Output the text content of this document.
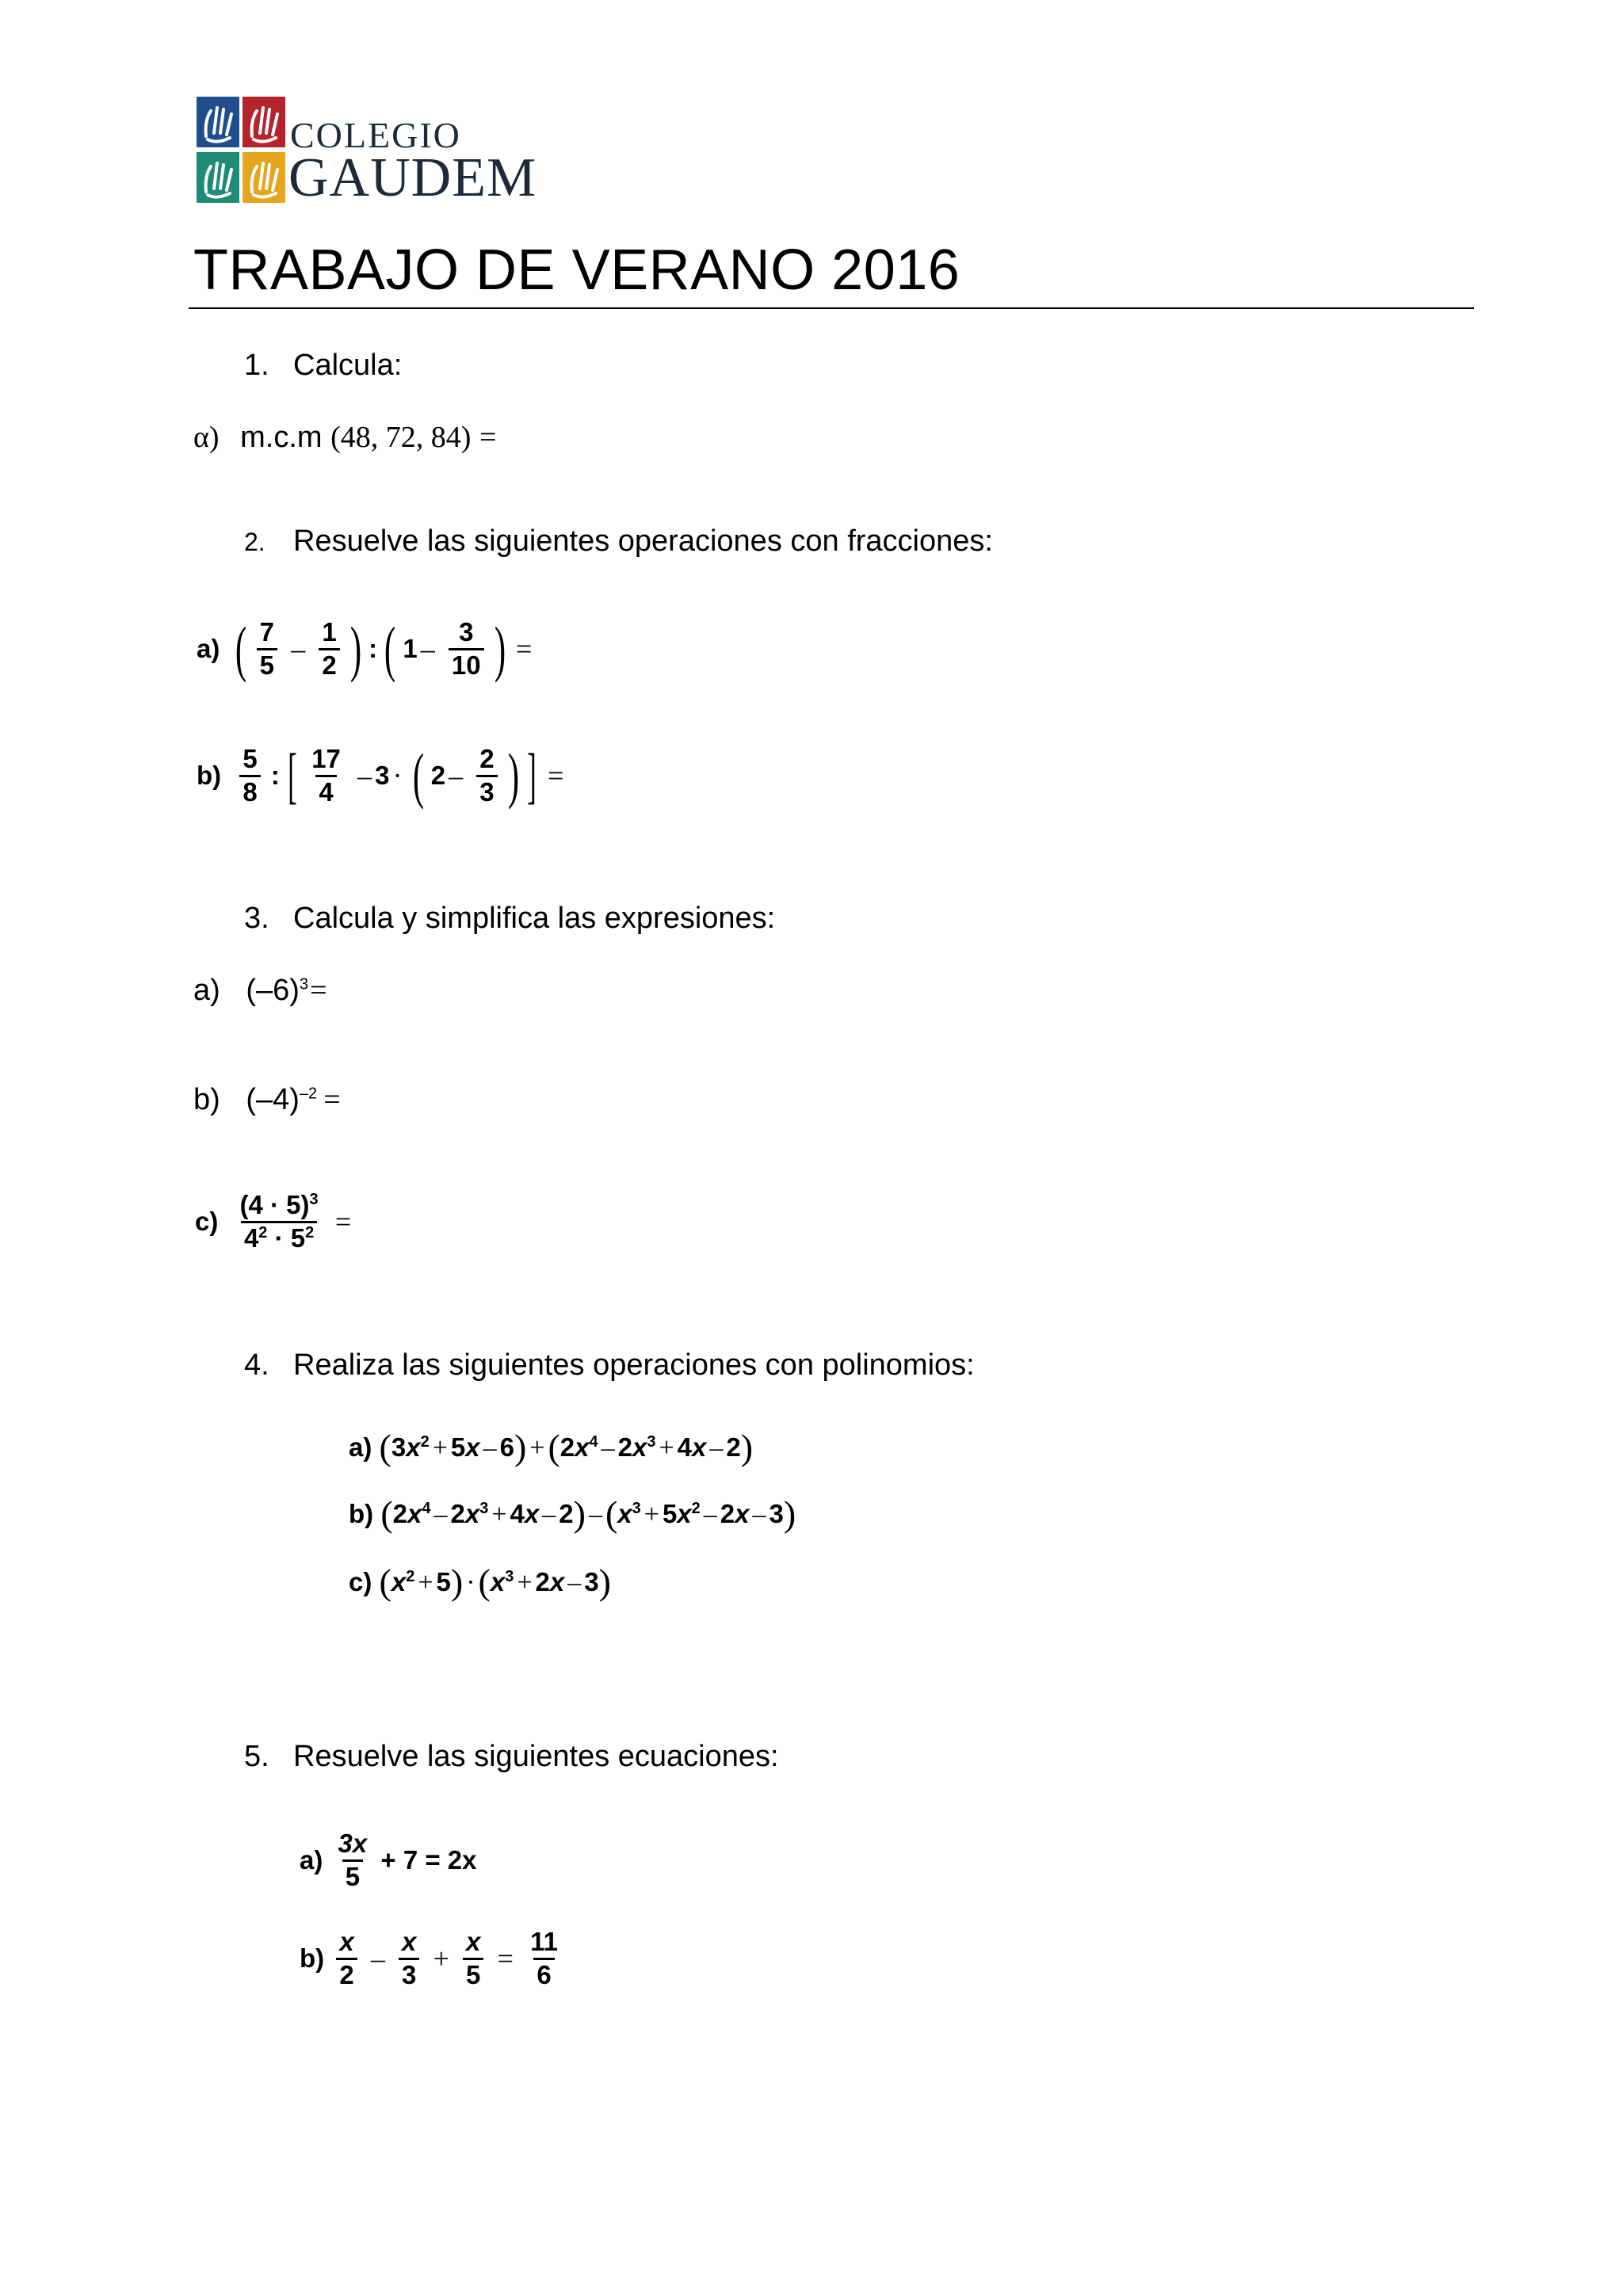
COLEGIO
GAUDEM
TRABAJO DE VERANO 2016
1. Calcula:
α) m.c.m (48, 72, 84) =
2. Resuelve las siguientes operaciones con fracciones:
a) ( $\frac{7}{5} - \frac{1}{2}$ ) : ( $1 - \frac{3}{10}$ ) =
$b) \frac{5}{8}$ : [ $\frac{17}{4} - 3$ · ( $2 - \frac{2}{3}$ ) ] =
3. Calcula y simplifica las expresiones:
a) $(-6)^3=$
b) $(-4)^{-2}$ =
$c) \frac{(4 \cdot 5)^3}{4^2 \cdot 5^2}$ =
4. Realiza las siguientes operaciones con polinomios:
a) $(3x^2 + 5x - 6) +(2x^4 - 2x^3 + 4x - 2)$
b) $(2x^4 - 2x^3 + 4x - 2) -(x^3 + 5x^2 - 2x - 3)$
c) $(x^2 + 5) \cdot(x^3 + 2x - 3)$
5. Resuelve las siguientes ecuaciones:
$a) \frac{3x}{5} + 7 = 2x$
$b) \frac{x}{2} - \frac{x}{3} + \frac{x}{5} = \frac{11}{6}$
